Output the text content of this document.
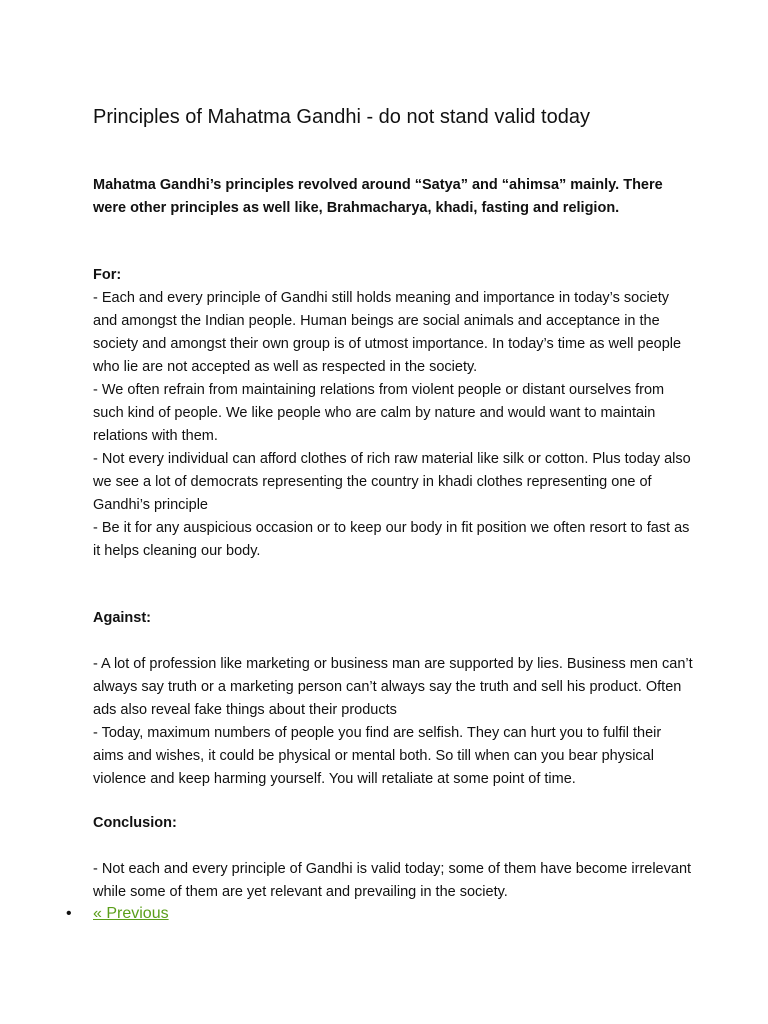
Principles of Mahatma Gandhi - do not stand valid today

Mahatma Gandhi’s principles revolved around “Satya” and “ahimsa” mainly. There were other principles as well like, Brahmacharya, khadi, fasting and religion.

For:

- Each and every principle of Gandhi still holds meaning and importance in today’s society and amongst the Indian people. Human beings are social animals and acceptance in the society and amongst their own group is of utmost importance. In today’s time as well people who lie are not accepted as well as respected in the society.

- We often refrain from maintaining relations from violent people or distant ourselves from such kind of people. We like people who are calm by nature and would want to maintain relations with them.

- Not every individual can afford clothes of rich raw material like silk or cotton. Plus today also we see a lot of democrats representing the country in khadi clothes representing one of Gandhi’s principle

- Be it for any auspicious occasion or to keep our body in fit position we often resort to fast as it helps cleaning our body.

Against:

- A lot of profession like marketing or business man are supported by lies. Business men can’t always say truth or a marketing person can’t always say the truth and sell his product. Often ads also reveal fake things about their products

- Today, maximum numbers of people you find are selfish. They can hurt you to fulfil their aims and wishes, it could be physical or mental both. So till when can you bear physical violence and keep harming yourself. You will retaliate at some point of time.

Conclusion:

- Not each and every principle of Gandhi is valid today; some of them have become irrelevant while some of them are yet relevant and prevailing in the society.

• « Previous
